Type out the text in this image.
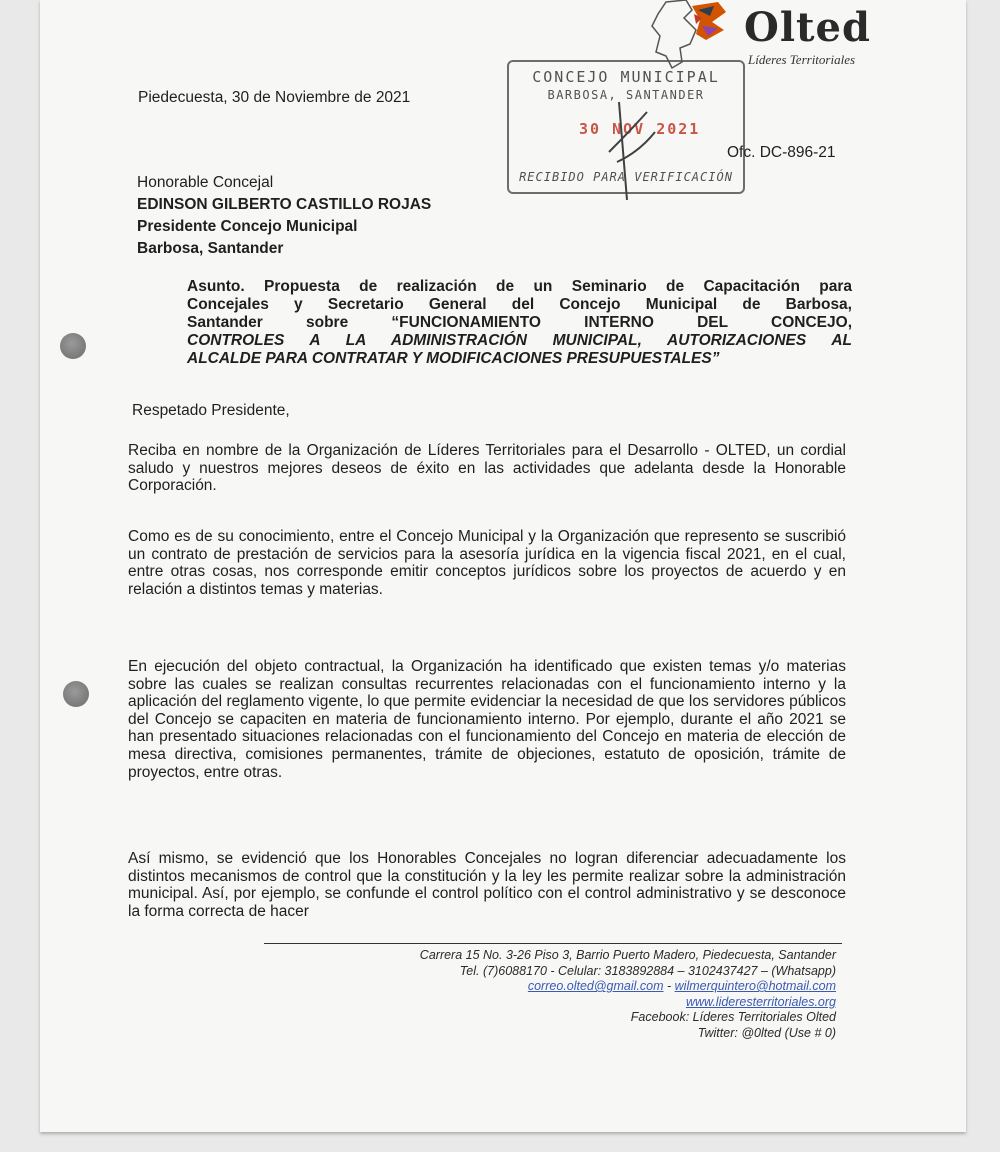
Olted
Líderes Territoriales
CONCEJO MUNICIPAL
BARBOSA, SANTANDER
30 NOV 2021
RECIBIDO PARA VERIFICACIÓN
Piedecuesta, 30 de Noviembre de 2021
Ofc. DC-896-21
Honorable Concejal
EDINSON GILBERTO CASTILLO ROJAS
Presidente Concejo Municipal
Barbosa, Santander
Asunto. Propuesta de realización de un Seminario de Capacitación para
Concejales y Secretario General del Concejo Municipal de Barbosa,
Santander sobre “FUNCIONAMIENTO INTERNO DEL CONCEJO,
CONTROLES A LA ADMINISTRACIÓN MUNICIPAL, AUTORIZACIONES AL
ALCALDE PARA CONTRATAR Y MODIFICACIONES PRESUPUESTALES”
Respetado Presidente,
Reciba en nombre de la Organización de Líderes Territoriales para el Desarrollo - OLTED, un cordial saludo y nuestros mejores deseos de éxito en las actividades que adelanta desde la Honorable Corporación.
Como es de su conocimiento, entre el Concejo Municipal y la Organización que represento se suscribió un contrato de prestación de servicios para la asesoría jurídica en la vigencia fiscal 2021, en el cual, entre otras cosas, nos corresponde emitir conceptos jurídicos sobre los proyectos de acuerdo y en relación a distintos temas y materias.
En ejecución del objeto contractual, la Organización ha identificado que existen temas y/o materias sobre las cuales se realizan consultas recurrentes relacionadas con el funcionamiento interno y la aplicación del reglamento vigente, lo que permite evidenciar la necesidad de que los servidores públicos del Concejo se capaciten en materia de funcionamiento interno. Por ejemplo, durante el año 2021 se han presentado situaciones relacionadas con el funcionamiento del Concejo en materia de elección de mesa directiva, comisiones permanentes, trámite de objeciones, estatuto de oposición, trámite de proyectos, entre otras.
Así mismo, se evidenció que los Honorables Concejales no logran diferenciar adecuadamente los distintos mecanismos de control que la constitución y la ley les permite realizar sobre la administración municipal. Así, por ejemplo, se confunde el control político con el control administrativo y se desconoce la forma correcta de hacer
Carrera 15 No. 3-26 Piso 3, Barrio Puerto Madero, Piedecuesta, Santander
Tel. (7)6088170 - Celular: 3183892884 – 3102437427 – (Whatsapp)
correo.olted@gmail.com - wilmerquintero@hotmail.com
www.lideresterritoriales.org
Facebook: Líderes Territoriales Olted
Twitter: @0lted (Use # 0)
